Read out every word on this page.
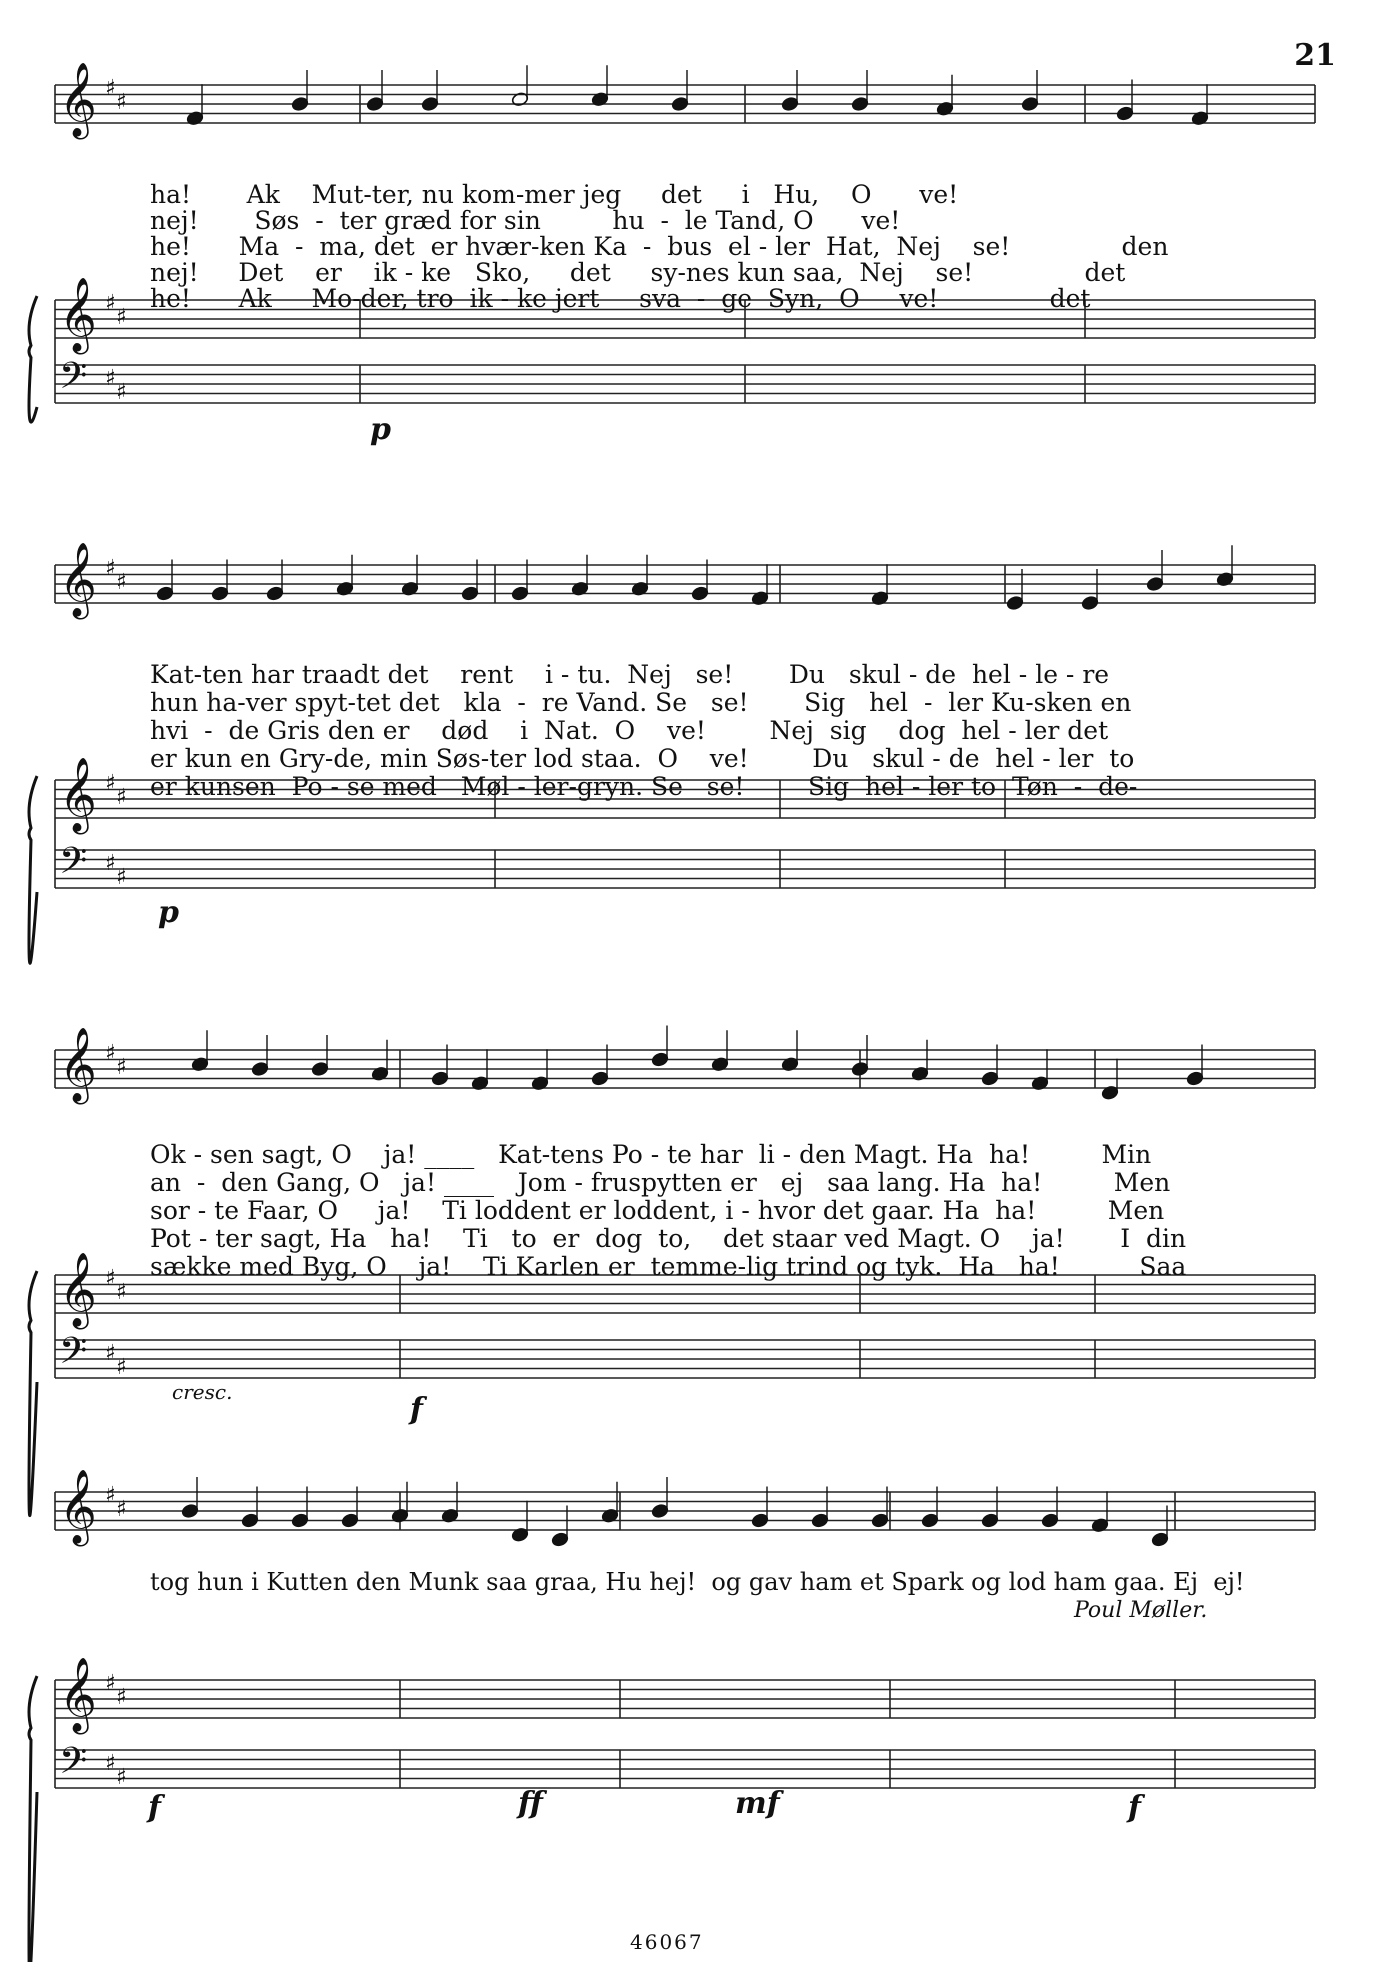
21
𝄞
𝄞
𝄢
♯
♯
♯
♯
♯
♯
𝄞
𝄞
𝄢
♯
♯
♯
♯
♯
♯
𝄞
𝄞
𝄢
♯
♯
♯
♯
♯
♯
𝄞
𝄞
𝄢
♯
♯
♯
♯
♯
♯
ha!       Ak    Mut-ter, nu kom-mer jeg     det     i   Hu,    O      ve!
nej!       Søs  -  ter græd for sin         hu  -  le Tand, O      ve!
he!      Ma  -  ma, det  er hvær-ken Ka  -  bus  el - ler  Hat,  Nej    se!              den
nej!     Det    er    ik - ke   Sko,     det     sy-nes kun saa,  Nej    se!              det
he!      Ak     Mo-der, tro  ik - ke jert     sva  -  ge  Syn,  O     ve!              det
Kat-ten har traadt det    rent    i - tu.  Nej   se!       Du   skul - de  hel - le - re
hun ha-ver spyt-tet det   kla  -  re Vand. Se   se!       Sig   hel  -  ler Ku-sken en
hvi  -  de Gris den er    død    i  Nat.  O    ve!        Nej  sig    dog  hel - ler det
er kun en Gry-de, min Søs-ter lod staa.  O    ve!        Du   skul - de  hel - ler  to
er kunsen  Po - se med   Møl - ler-gryn. Se   se!        Sig  hel - ler to  Tøn  -  de-
Ok - sen sagt, O    ja! ____   Kat-tens Po - te har  li - den Magt. Ha  ha!         Min
an  -  den Gang, O   ja! ____   Jom - fruspytten er   ej   saa lang. Ha  ha!         Men
sor - te Faar, O     ja!    Ti loddent er loddent, i - hvor det gaar. Ha  ha!         Men
Pot - ter sagt, Ha   ha!    Ti   to  er  dog  to,    det staar ved Magt. O    ja!       I  din
sække med Byg, O    ja!    Ti Karlen er  temme-lig trind og tyk.  Ha   ha!          Saa
tog hun i Kutten den Munk saa graa, Hu hej!  og gav ham et Spark og lod ham gaa. Ej  ej!
Poul Møller.
p
p
cresc.	f
f	ff	mf	f
46067
